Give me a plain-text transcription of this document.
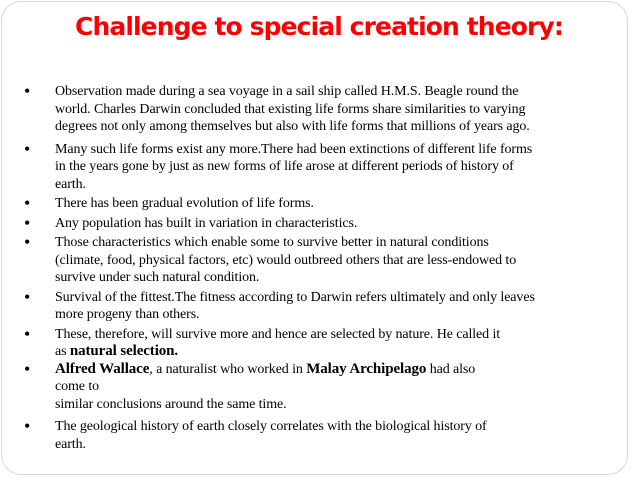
Challenge to special creation theory:
• Observation made during a sea voyage in a sail ship called H.M.S. Beagle round the
world. Charles Darwin concluded that existing life forms share similarities to varying
degrees not only among themselves but also with life forms that millions of years ago.
• Many such life forms exist any more.There had been extinctions of different life forms
in the years gone by just as new forms of life arose at different periods of history of
earth.
• There has been gradual evolution of life forms.
• Any population has built in variation in characteristics.
• Those characteristics which enable some to survive better in natural conditions
(climate, food, physical factors, etc) would outbreed others that are less-endowed to
survive under such natural condition.
• Survival of the fittest.The fitness according to Darwin refers ultimately and only leaves
more progeny than others.
• These, therefore, will survive more and hence are selected by nature. He called it
as natural selection.
• Alfred Wallace, a naturalist who worked in Malay Archipelago had also
come to
similar conclusions around the same time.
• The geological history of earth closely correlates with the biological history of
earth.
